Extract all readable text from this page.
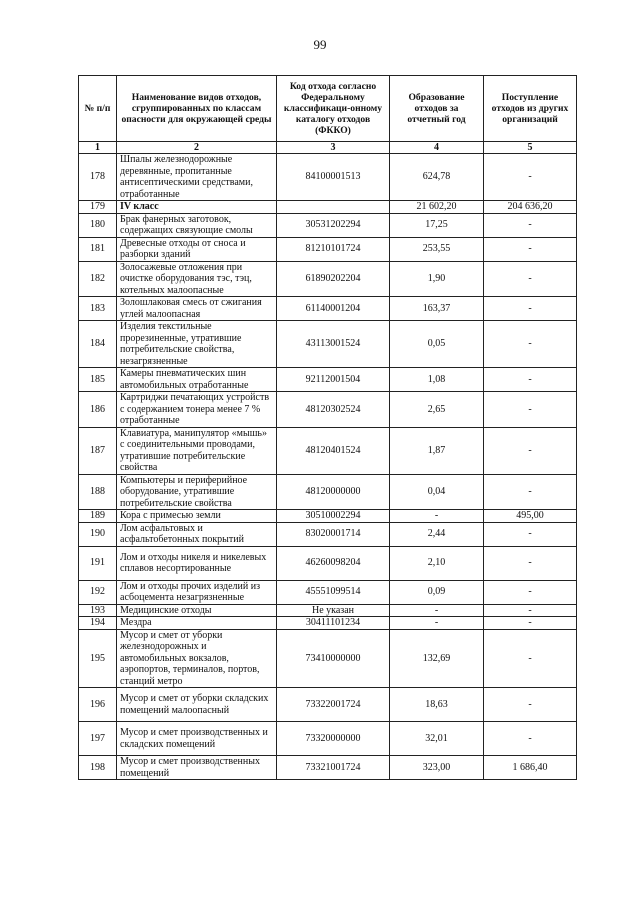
99
№ п/п	Наименование видов отходов, сгруппированных по классам опасности для окружающей среды	Код отхода согласно Федеральному классификаци-онному каталогу отходов (ФККО)	Образование отходов за отчетный год	Поступление отходов из других организаций
1	2	3	4	5
178	Шпалы железнодорожные деревянные, пропитанные антисептическими средствами, отработанные	84100001513	624,78	-
179	IV класс		21 602,20	204 636,20
180	Брак фанерных заготовок, содержащих связующие смолы	30531202294	17,25	-
181	Древесные отходы от сноса и разборки зданий	81210101724	253,55	-
182	Золосажевые отложения при очистке оборудования тэс, тэц, котельных малоопасные	61890202204	1,90	-
183	Золошлаковая смесь от сжигания углей малоопасная	61140001204	163,37	-
184	Изделия текстильные прорезиненные, утратившие потребительские свойства, незагрязненные	43113001524	0,05	-
185	Камеры пневматических шин автомобильных отработанные	92112001504	1,08	-
186	Картриджи печатающих устройств с содержанием тонера менее 7 % отработанные	48120302524	2,65	-
187	Клавиатура, манипулятор «мышь» с соединительными проводами, утратившие потребительские свойства	48120401524	1,87	-
188	Компьютеры и периферийное оборудование, утратившие потребительские свойства	48120000000	0,04	-
189	Кора с примесью земли	30510002294	-	495,00
190	Лом асфальтовых и асфальтобетонных покрытий	83020001714	2,44	-
191	Лом и отходы никеля и никелевых сплавов несортированные	46260098204	2,10	-
192	Лом и отходы прочих изделий из асбоцемента незагрязненные	45551099514	0,09	-
193	Медицинские отходы	Не указан	-	-
194	Мездра	30411101234	-	-
195	Мусор и смет от уборки железнодорожных и автомобильных вокзалов, аэропортов, терминалов, портов, станций метро	73410000000	132,69	-
196	Мусор и смет от уборки складских помещений малоопасный	73322001724	18,63	-
197	Мусор и смет производственных и складских помещений	73320000000	32,01	-
198	Мусор и смет производственных помещений	73321001724	323,00	1 686,40
